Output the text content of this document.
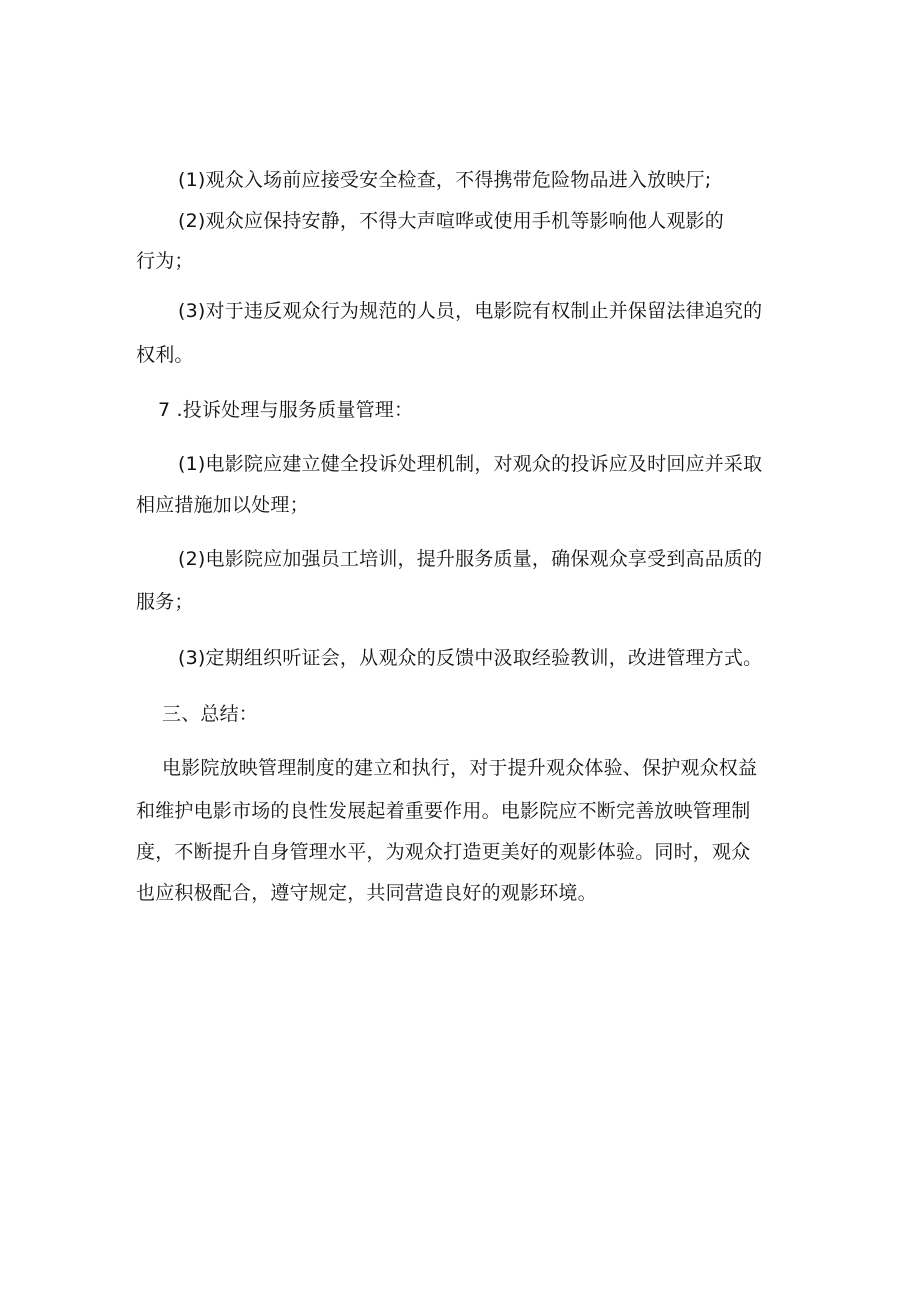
(1)观众入场前应接受安全检查，不得携带危险物品进入放映厅;
(2)观众应保持安静，不得大声喧哗或使用手机等影响他人观影的
行为；
(3)对于违反观众行为规范的人员，电影院有权制止并保留法律追究的
权利。
7 .投诉处理与服务质量管理：
(1)电影院应建立健全投诉处理机制，对观众的投诉应及时回应并采取
相应措施加以处理；
(2)电影院应加强员工培训，提升服务质量，确保观众享受到高品质的
服务；
(3)定期组织听证会，从观众的反馈中汲取经验教训，改进管理方式。
三、总结：
电影院放映管理制度的建立和执行，对于提升观众体验、保护观众权益
和维护电影市场的良性发展起着重要作用。电影院应不断完善放映管理制
度，不断提升自身管理水平，为观众打造更美好的观影体验。同时，观众
也应积极配合，遵守规定，共同营造良好的观影环境。
